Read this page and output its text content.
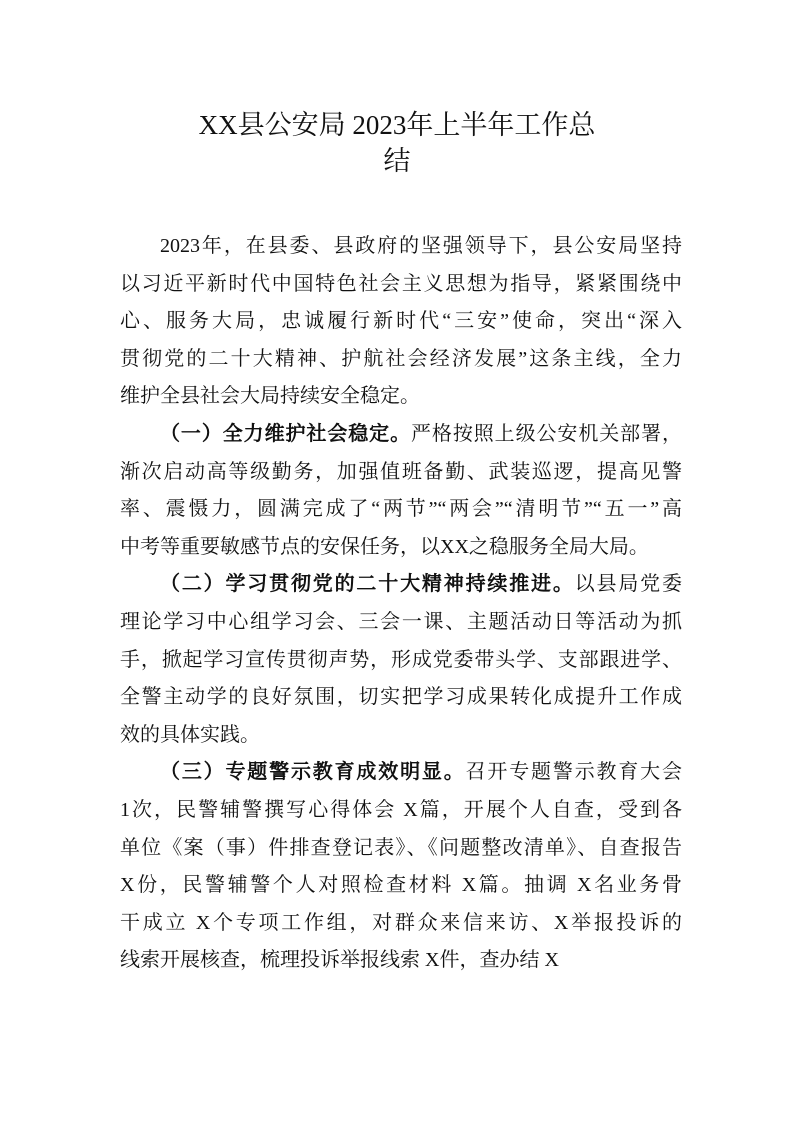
XX县公安局 2023年上半年工作总
结
2023年，在县委、县政府的坚强领导下，县公安局坚持
以习近平新时代中国特色社会主义思想为指导，紧紧围绕中
心、服务大局，忠诚履行新时代“三安”使命，突出“深入
贯彻党的二十大精神、护航社会经济发展”这条主线，全力
维护全县社会大局持续安全稳定。
（一）全力维护社会稳定。严格按照上级公安机关部署，
渐次启动高等级勤务，加强值班备勤、武装巡逻，提高见警
率、震慑力，圆满完成了“两节”“两会”“清明节”“五一”高
中考等重要敏感节点的安保任务，以XX之稳服务全局大局。
（二）学习贯彻党的二十大精神持续推进。以县局党委
理论学习中心组学习会、三会一课、主题活动日等活动为抓
手，掀起学习宣传贯彻声势，形成党委带头学、支部跟进学、
全警主动学的良好氛围，切实把学习成果转化成提升工作成
效的具体实践。
（三）专题警示教育成效明显。召开专题警示教育大会
1次，民警辅警撰写心得体会 X篇，开展个人自查，受到各
单位《案（事）件排查登记表》、《问题整改清单》、自查报告
X份，民警辅警个人对照检查材料 X篇。抽调 X名业务骨
干成立 X个专项工作组，对群众来信来访、X举报投诉的
线索开展核查，梳理投诉举报线索 X件，查办结 X
